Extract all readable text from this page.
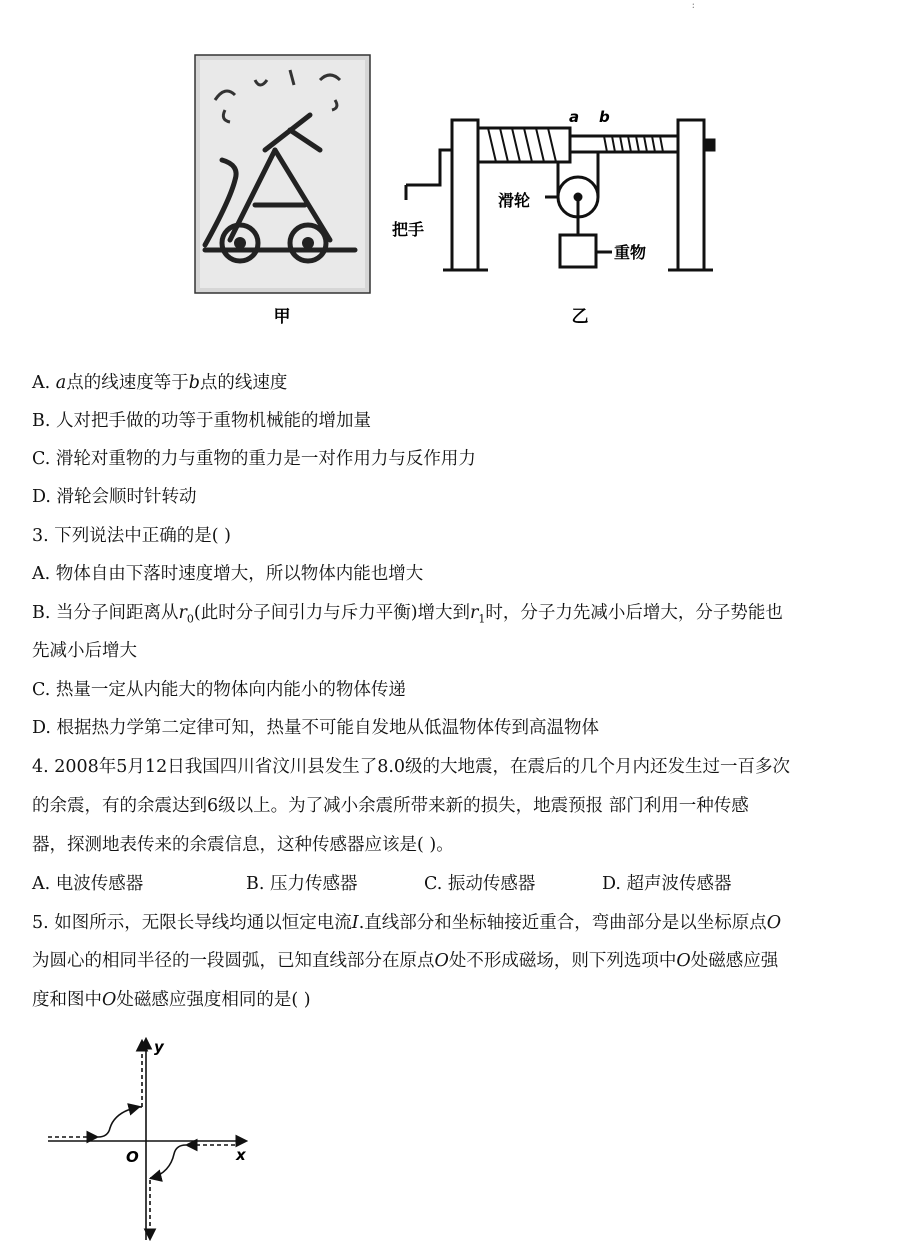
:
甲
a b
滑轮
把手
重物
乙
A. a点的线速度等于b点的线速度
B. 人对把手做的功等于重物机械能的增加量
C. 滑轮对重物的力与重物的重力是一对作用力与反作用力
D. 滑轮会顺时针转动
3. 下列说法中正确的是( )
A. 物体自由下落时速度增大，所以物体内能也增大
B. 当分子间距离从$r_0$(此时分子间引力与斥力平衡)增大到$r_1$时，分子力先减小后增大，分子势能也
先减小后增大
C. 热量一定从内能大的物体向内能小的物体传递
D. 根据热力学第二定律可知，热量不可能自发地从低温物体传到高温物体
4. 2008年5月12日我国四川省汶川县发生了8.0级的大地震，在震后的几个月内还发生过一百多次
的余震，有的余震达到6级以上。为了减小余震所带来新的损失，地震预报 部门利用一种传感
器，探测地表传来的余震信息，这种传感器应该是( )。
A. 电波传感器	B. 压力传感器	C. 振动传感器	D. 超声波传感器
5. 如图所示，无限长导线均通以恒定电流I.直线部分和坐标轴接近重合，弯曲部分是以坐标原点O
为圆心的相同半径的一段圆弧，已知直线部分在原点O处不形成磁场，则下列选项中O处磁感应强
度和图中O处磁感应强度相同的是( )
y
x
O
